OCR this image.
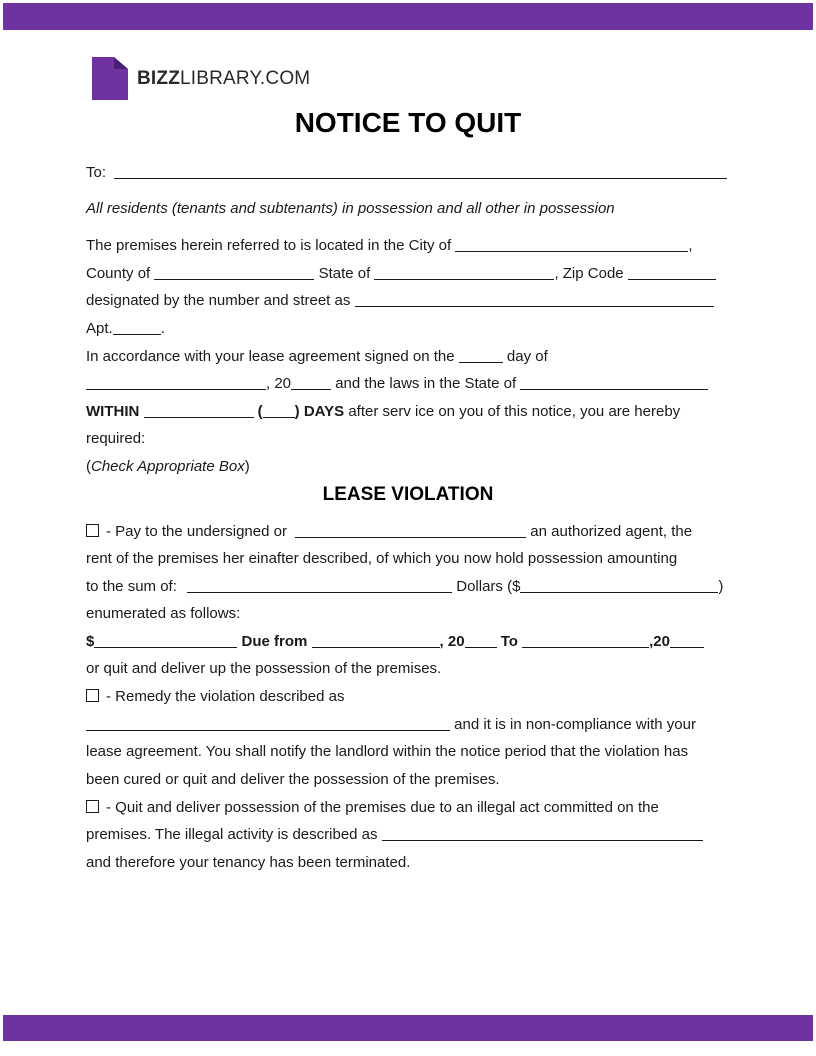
BIZZLIBRARY.COM
NOTICE TO QUIT
To:
All residents (tenants and subtenants) in possession and all other in possession
The premises herein referred to is located in the City of	,
County of	State of	, Zip Code
designated by the number and street as
Apt.	.
In accordance with your lease agreement signed on the	day of
, 20	and the laws in the State of
WITHIN	( ) DAYS after serv ice on you of this notice, you are hereby
required:
(Check Appropriate Box)
LEASE VIOLATION
- Pay to the undersigned or	an authorized agent, the
rent of the premises her einafter described, of which you now hold possession amounting
to the sum of:	Dollars ($	)
enumerated as follows:
$	Due from	, 20 To	,20
or quit and deliver up the possession of the premises.
- Remedy the violation described as
and it is in non-compliance with your
lease agreement. You shall notify the landlord within the notice period that the violation has
been cured or quit and deliver the possession of the premises.
- Quit and deliver possession of the premises due to an illegal act committed on the
premises. The illegal activity is described as
and therefore your tenancy has been terminated.
